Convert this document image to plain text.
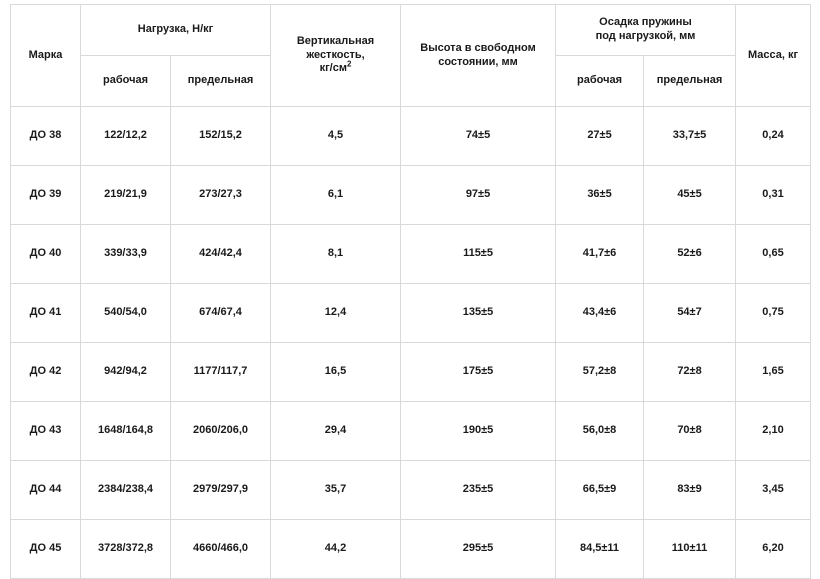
Марка	Нагрузка, Н/кг		Вертикальная
жесткость,
$кг/см^2$	Высота в свободном
состоянии, мм	Осадка пружины
под нагрузкой, мм		Масса, кг
	рабочая	предельная			рабочая	предельная	
ДО 38	122/12,2	152/15,2	4,5	74±5	27±5	33,7±5	0,24
ДО 39	219/21,9	273/27,3	6,1	97±5	36±5	45±5	0,31
ДО 40	339/33,9	424/42,4	8,1	115±5	41,7±6	52±6	0,65
ДО 41	540/54,0	674/67,4	12,4	135±5	43,4±6	54±7	0,75
ДО 42	942/94,2	1177/117,7	16,5	175±5	57,2±8	72±8	1,65
ДО 43	1648/164,8	2060/206,0	29,4	190±5	56,0±8	70±8	2,10
ДО 44	2384/238,4	2979/297,9	35,7	235±5	66,5±9	83±9	3,45
ДО 45	3728/372,8	4660/466,0	44,2	295±5	84,5±11	110±11	6,20
